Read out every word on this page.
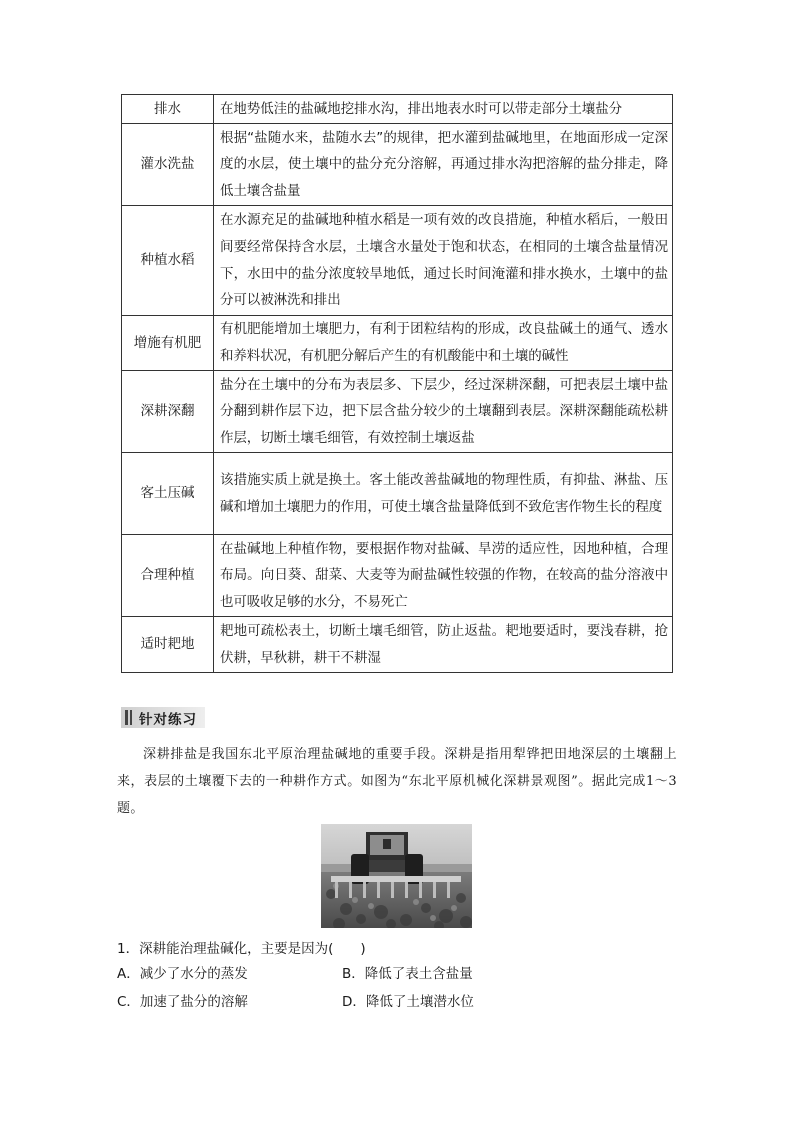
排水	在地势低洼的盐碱地挖排水沟，排出地表水时可以带走部分土壤盐分
灌水洗盐	根据“盐随水来，盐随水去”的规律，把水灌到盐碱地里，在地面形成一定深度的水层，使土壤中的盐分充分溶解，再通过排水沟把溶解的盐分排走，降低土壤含盐量
种植水稻	在水源充足的盐碱地种植水稻是一项有效的改良措施，种植水稻后，一般田间要经常保持含水层，土壤含水量处于饱和状态，在相同的土壤含盐量情况下，水田中的盐分浓度较旱地低，通过长时间淹灌和排水换水，土壤中的盐分可以被淋洗和排出
增施有机肥	有机肥能增加土壤肥力，有利于团粒结构的形成，改良盐碱土的通气、透水和养料状况，有机肥分解后产生的有机酸能中和土壤的碱性
深耕深翻	盐分在土壤中的分布为表层多、下层少，经过深耕深翻，可把表层土壤中盐分翻到耕作层下边，把下层含盐分较少的土壤翻到表层。深耕深翻能疏松耕作层，切断土壤毛细管，有效控制土壤返盐
客土压碱	该措施实质上就是换土。客土能改善盐碱地的物理性质，有抑盐、淋盐、压碱和增加土壤肥力的作用，可使土壤含盐量降低到不致危害作物生长的程度
合理种植	在盐碱地上种植作物，要根据作物对盐碱、旱涝的适应性，因地种植，合理布局。向日葵、甜菜、大麦等为耐盐碱性较强的作物，在较高的盐分溶液中也可吸收足够的水分，不易死亡
适时耙地	耙地可疏松表土，切断土壤毛细管，防止返盐。耙地要适时，要浅春耕，抢伏耕，早秋耕，耕干不耕湿
针对练习

深耕排盐是我国东北平原治理盐碱地的重要手段。深耕是指用犁铧把田地深层的土壤翻上来，表层的土壤覆下去的一种耕作方式。如图为“东北平原机械化深耕景观图”。据此完成1～3题。

1．深耕能治理盐碱化，主要是因为(　　)

A．减少了水分的蒸发	B．降低了表土含盐量
C．加速了盐分的溶解	D．降低了土壤潜水位
